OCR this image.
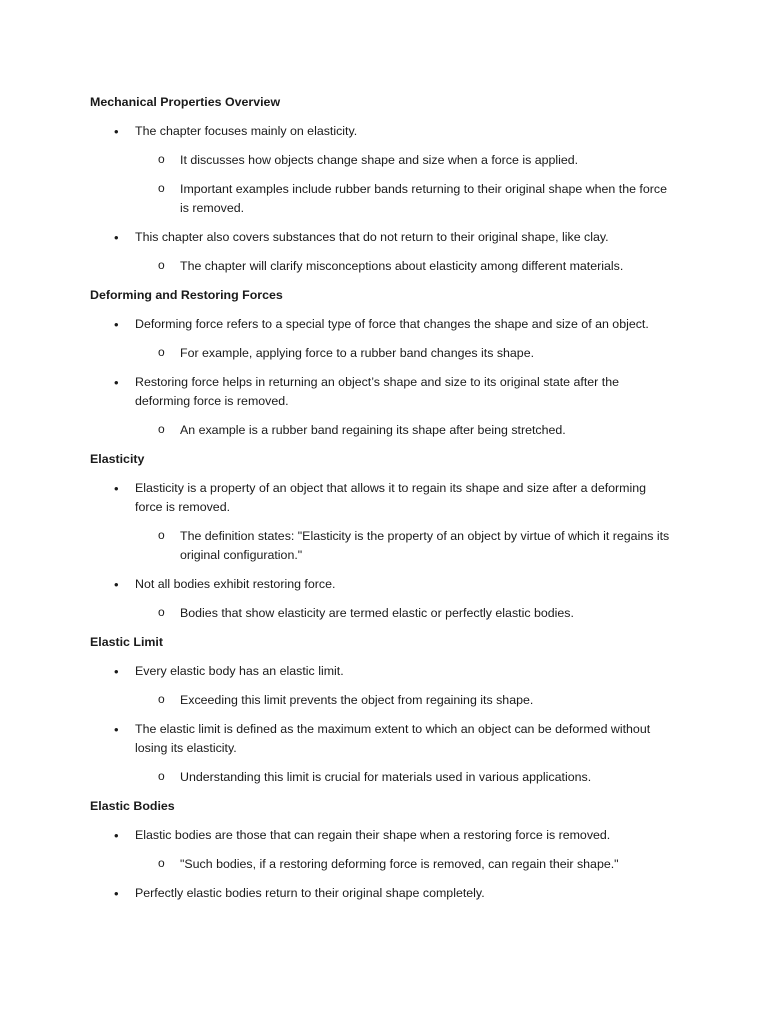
Mechanical Properties Overview
• The chapter focuses mainly on elasticity.
o It discusses how objects change shape and size when a force is applied.
o Important examples include rubber bands returning to their original shape when the force is removed.
• This chapter also covers substances that do not return to their original shape, like clay.
o The chapter will clarify misconceptions about elasticity among different materials.
Deforming and Restoring Forces
• Deforming force refers to a special type of force that changes the shape and size of an object.
o For example, applying force to a rubber band changes its shape.
• Restoring force helps in returning an object’s shape and size to its original state after the deforming force is removed.
o An example is a rubber band regaining its shape after being stretched.
Elasticity
• Elasticity is a property of an object that allows it to regain its shape and size after a deforming force is removed.
o The definition states: "Elasticity is the property of an object by virtue of which it regains its original configuration."
• Not all bodies exhibit restoring force.
o Bodies that show elasticity are termed elastic or perfectly elastic bodies.
Elastic Limit
• Every elastic body has an elastic limit.
o Exceeding this limit prevents the object from regaining its shape.
• The elastic limit is defined as the maximum extent to which an object can be deformed without losing its elasticity.
o Understanding this limit is crucial for materials used in various applications.
Elastic Bodies
• Elastic bodies are those that can regain their shape when a restoring force is removed.
o "Such bodies, if a restoring deforming force is removed, can regain their shape."
• Perfectly elastic bodies return to their original shape completely.
